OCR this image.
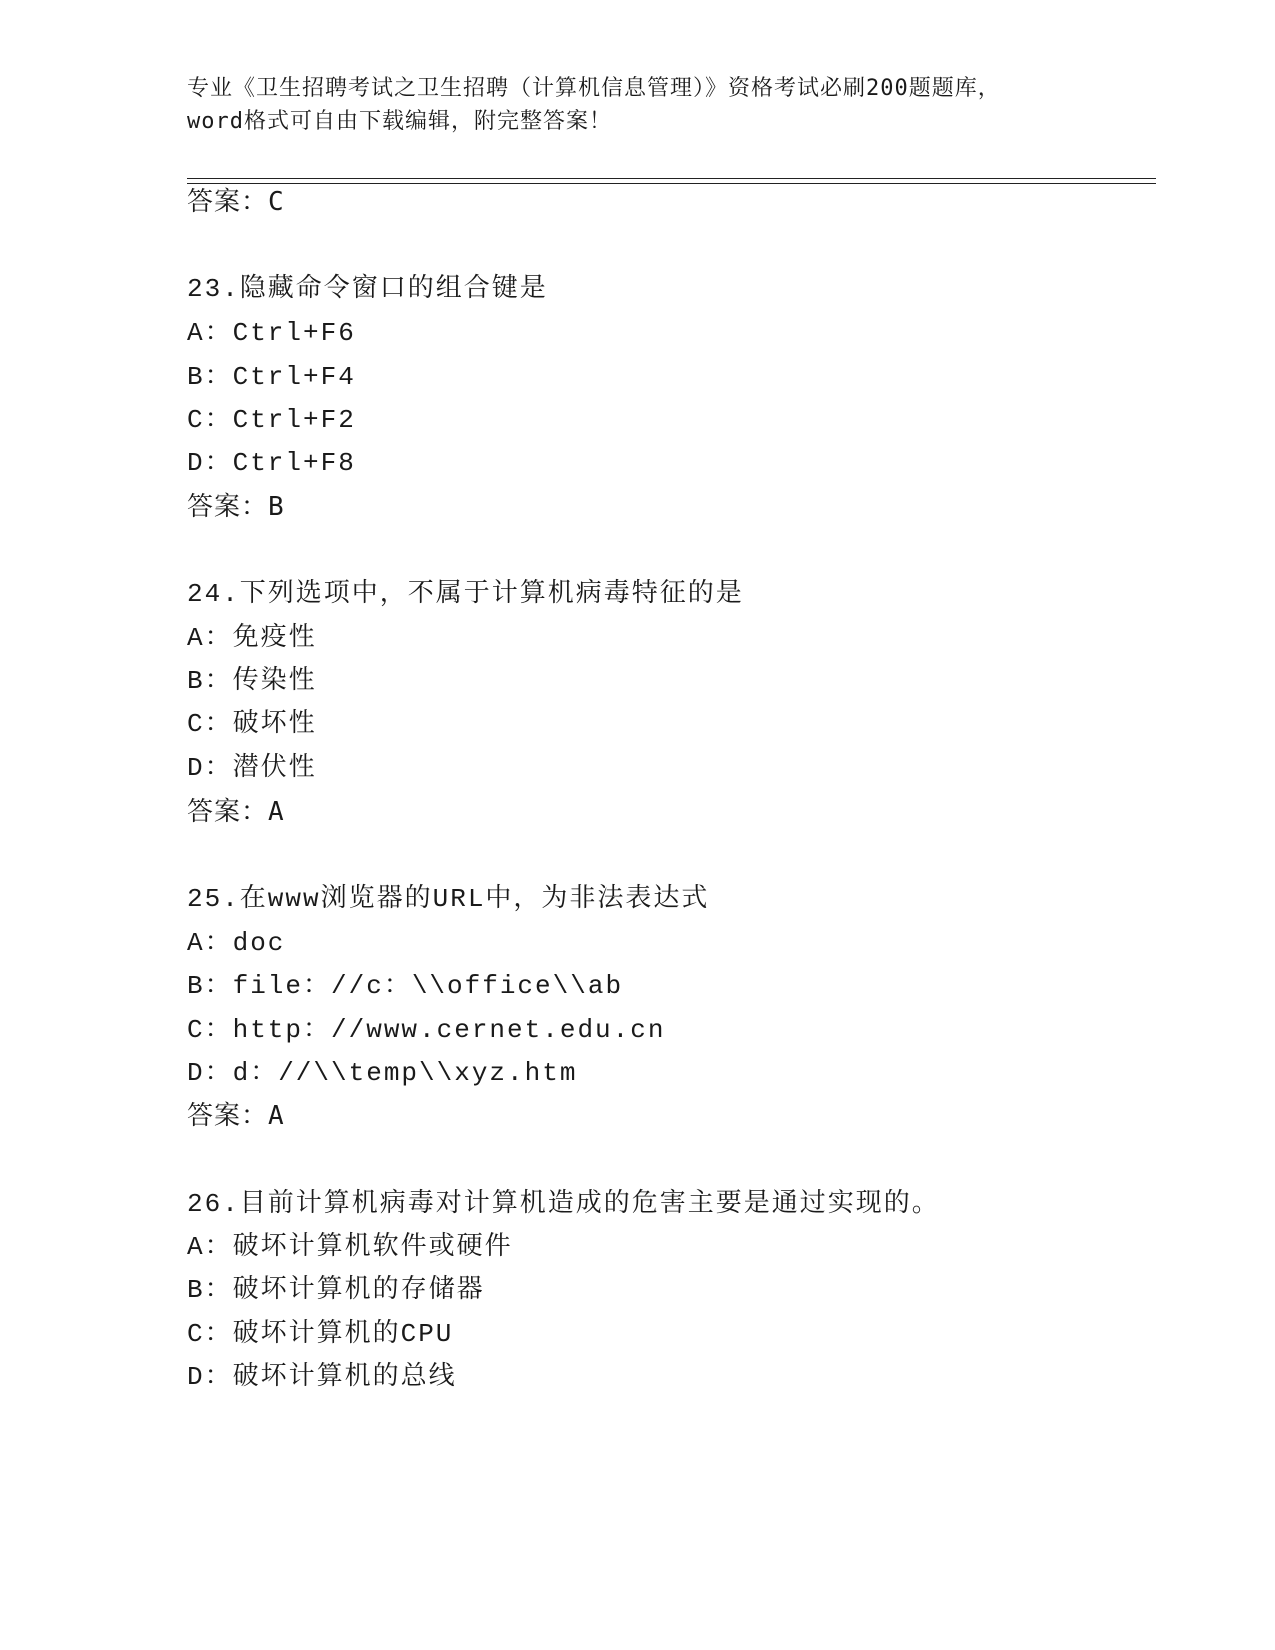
专业《卫生招聘考试之卫生招聘（计算机信息管理）》资格考试必刷200题题库，
word格式可自由下载编辑，附完整答案！
答案：C
23.隐藏命令窗口的组合键是
A：Ctrl+F6
B：Ctrl+F4
C：Ctrl+F2
D：Ctrl+F8
答案：B
24.下列选项中，不属于计算机病毒特征的是
A：免疫性
B：传染性
C：破坏性
D：潜伏性
答案：A
25.在www浏览器的URL中，为非法表达式
A：doc
B：file：//c：\\office\\ab
C：http：//www.cernet.edu.cn
D：d：//\\temp\\xyz.htm
答案：A
26.目前计算机病毒对计算机造成的危害主要是通过实现的。
A：破坏计算机软件或硬件
B：破坏计算机的存储器
C：破坏计算机的CPU
D：破坏计算机的总线
